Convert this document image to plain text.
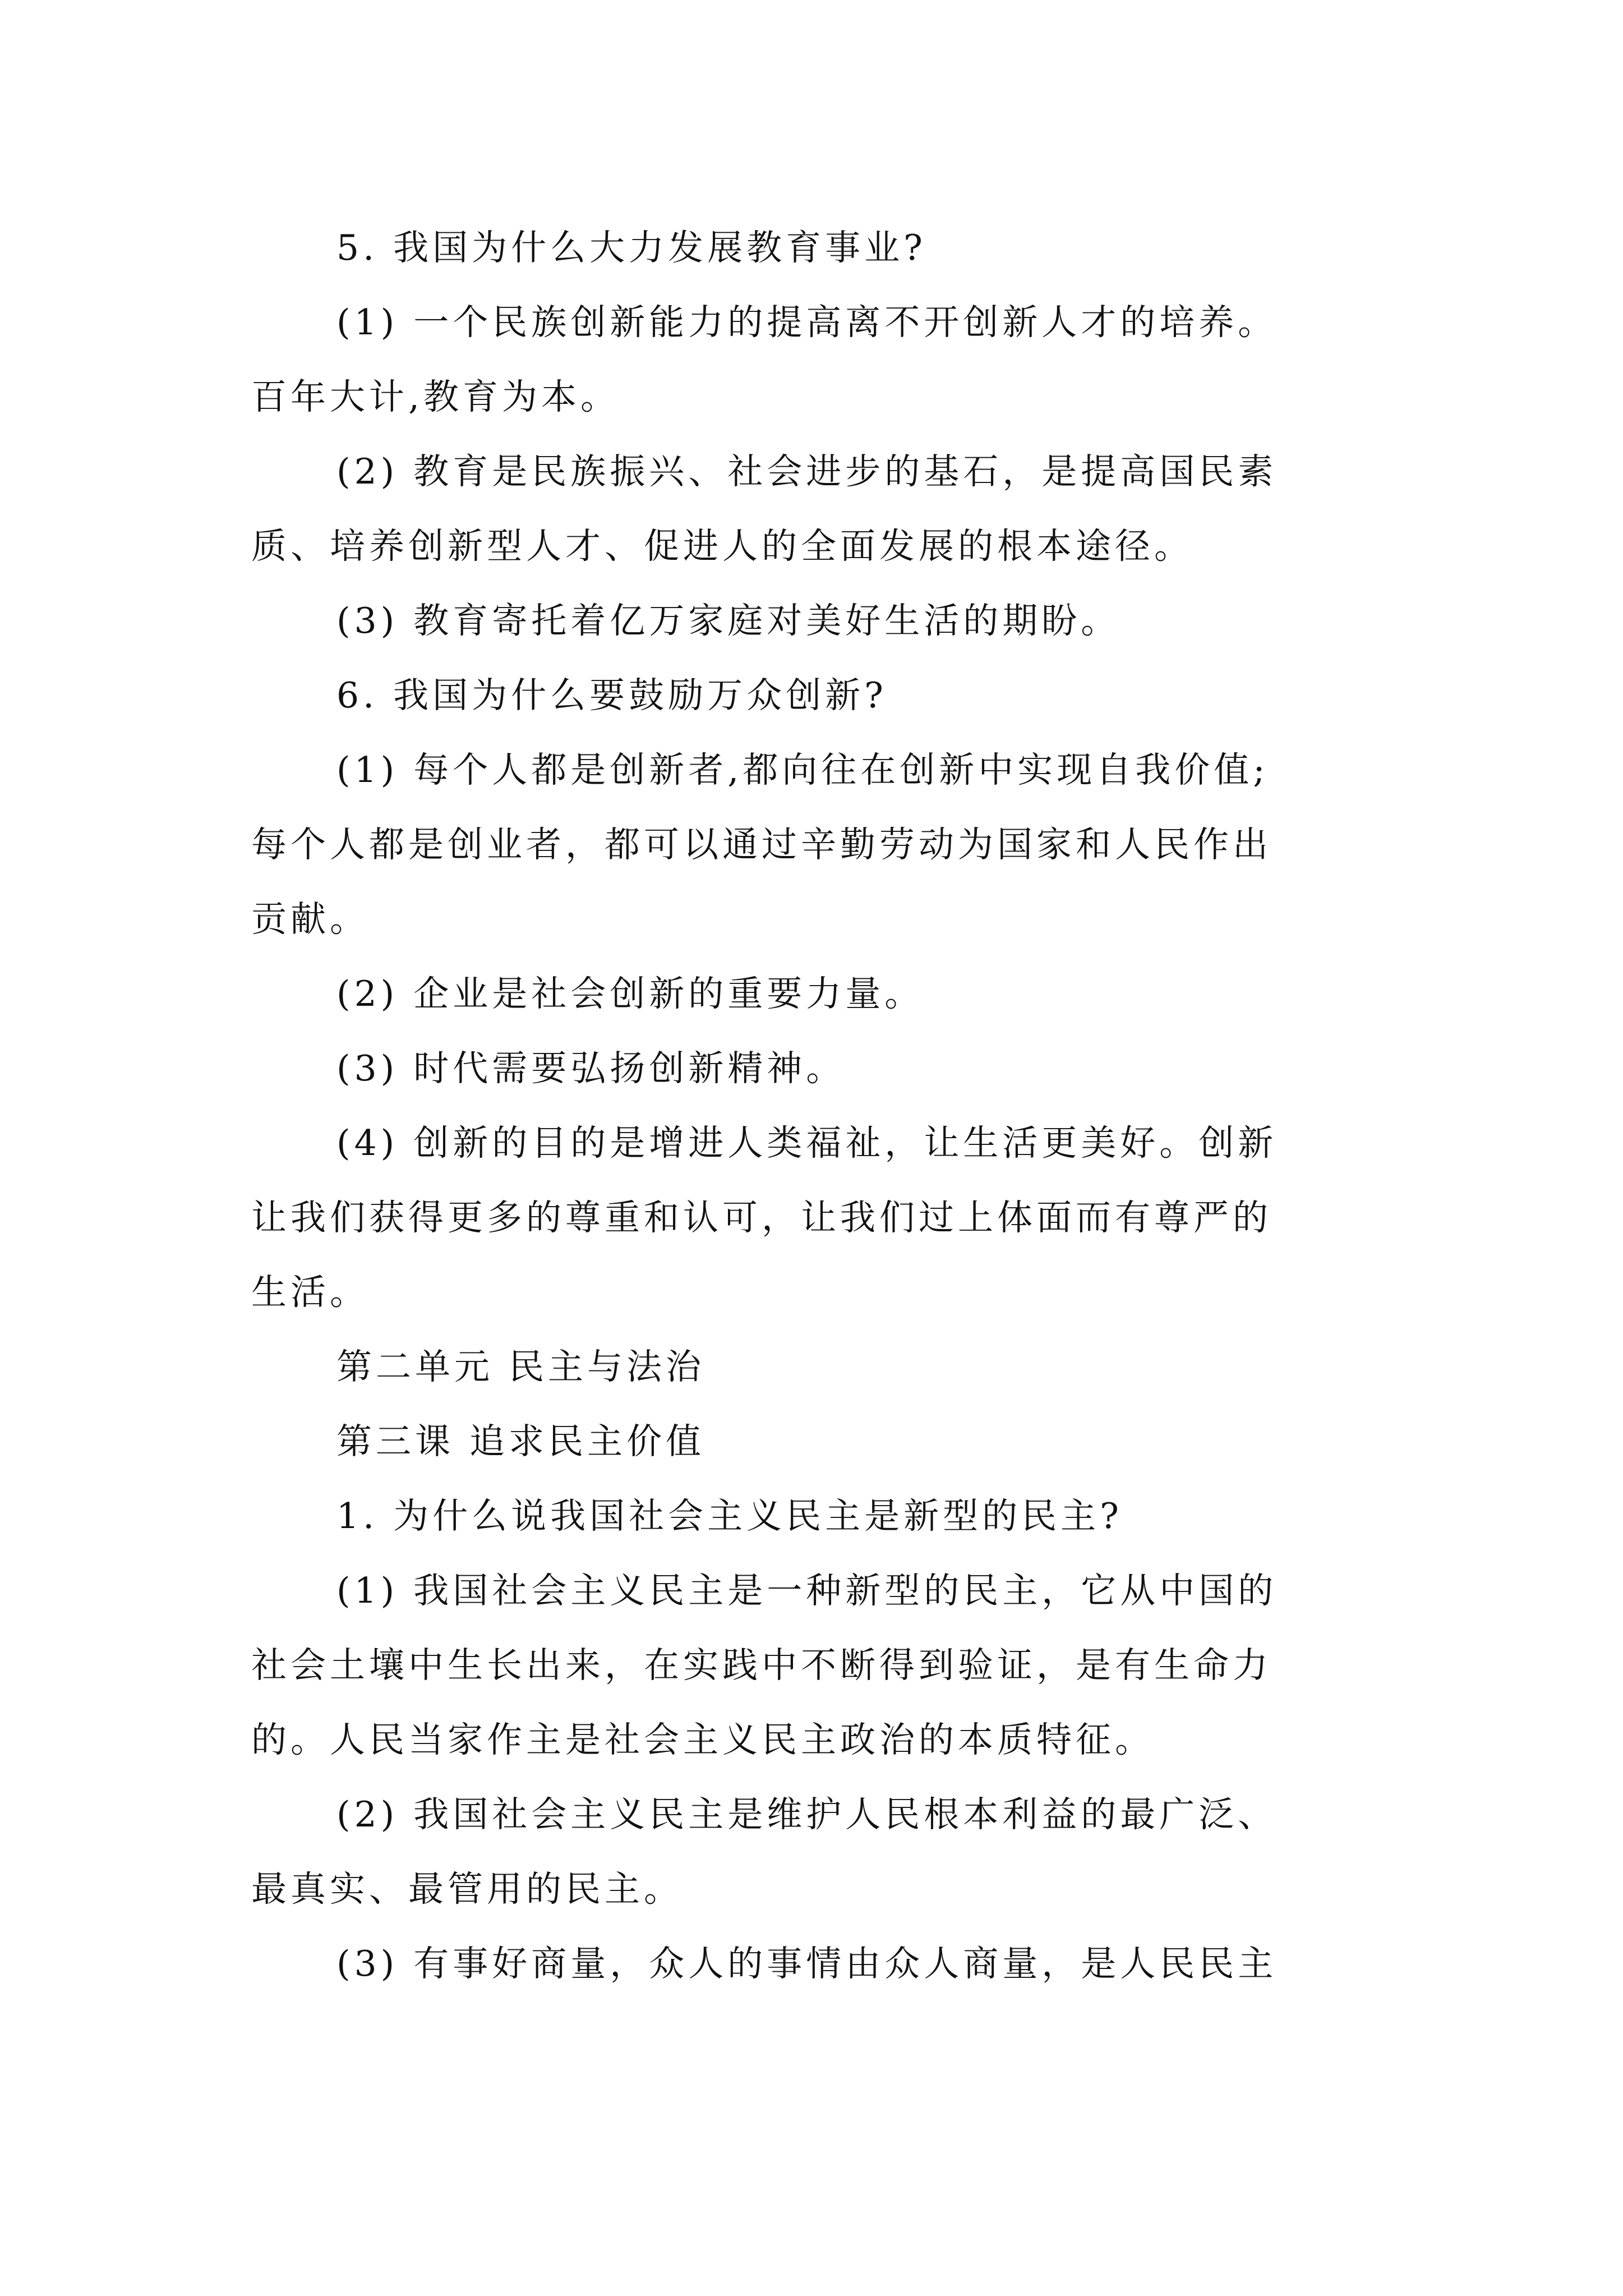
5. 我国为什么大力发展教育事业?

(1) 一个民族创新能力的提高离不开创新人才的培养。

百年大计,教育为本。

(2) 教育是民族振兴、社会进步的基石，是提高国民素

质、培养创新型人才、促进人的全面发展的根本途径。

(3) 教育寄托着亿万家庭对美好生活的期盼。

6. 我国为什么要鼓励万众创新?

(1) 每个人都是创新者,都向往在创新中实现自我价值;

每个人都是创业者，都可以通过辛勤劳动为国家和人民作出

贡献。

(2) 企业是社会创新的重要力量。

(3) 时代需要弘扬创新精神。

(4) 创新的目的是增进人类福祉，让生活更美好。创新

让我们获得更多的尊重和认可，让我们过上体面而有尊严的

生活。

第二单元 民主与法治

第三课 追求民主价值

1. 为什么说我国社会主义民主是新型的民主?

(1) 我国社会主义民主是一种新型的民主，它从中国的

社会土壤中生长出来，在实践中不断得到验证，是有生命力

的。人民当家作主是社会主义民主政治的本质特征。

(2) 我国社会主义民主是维护人民根本利益的最广泛、

最真实、最管用的民主。

(3) 有事好商量，众人的事情由众人商量，是人民民主
